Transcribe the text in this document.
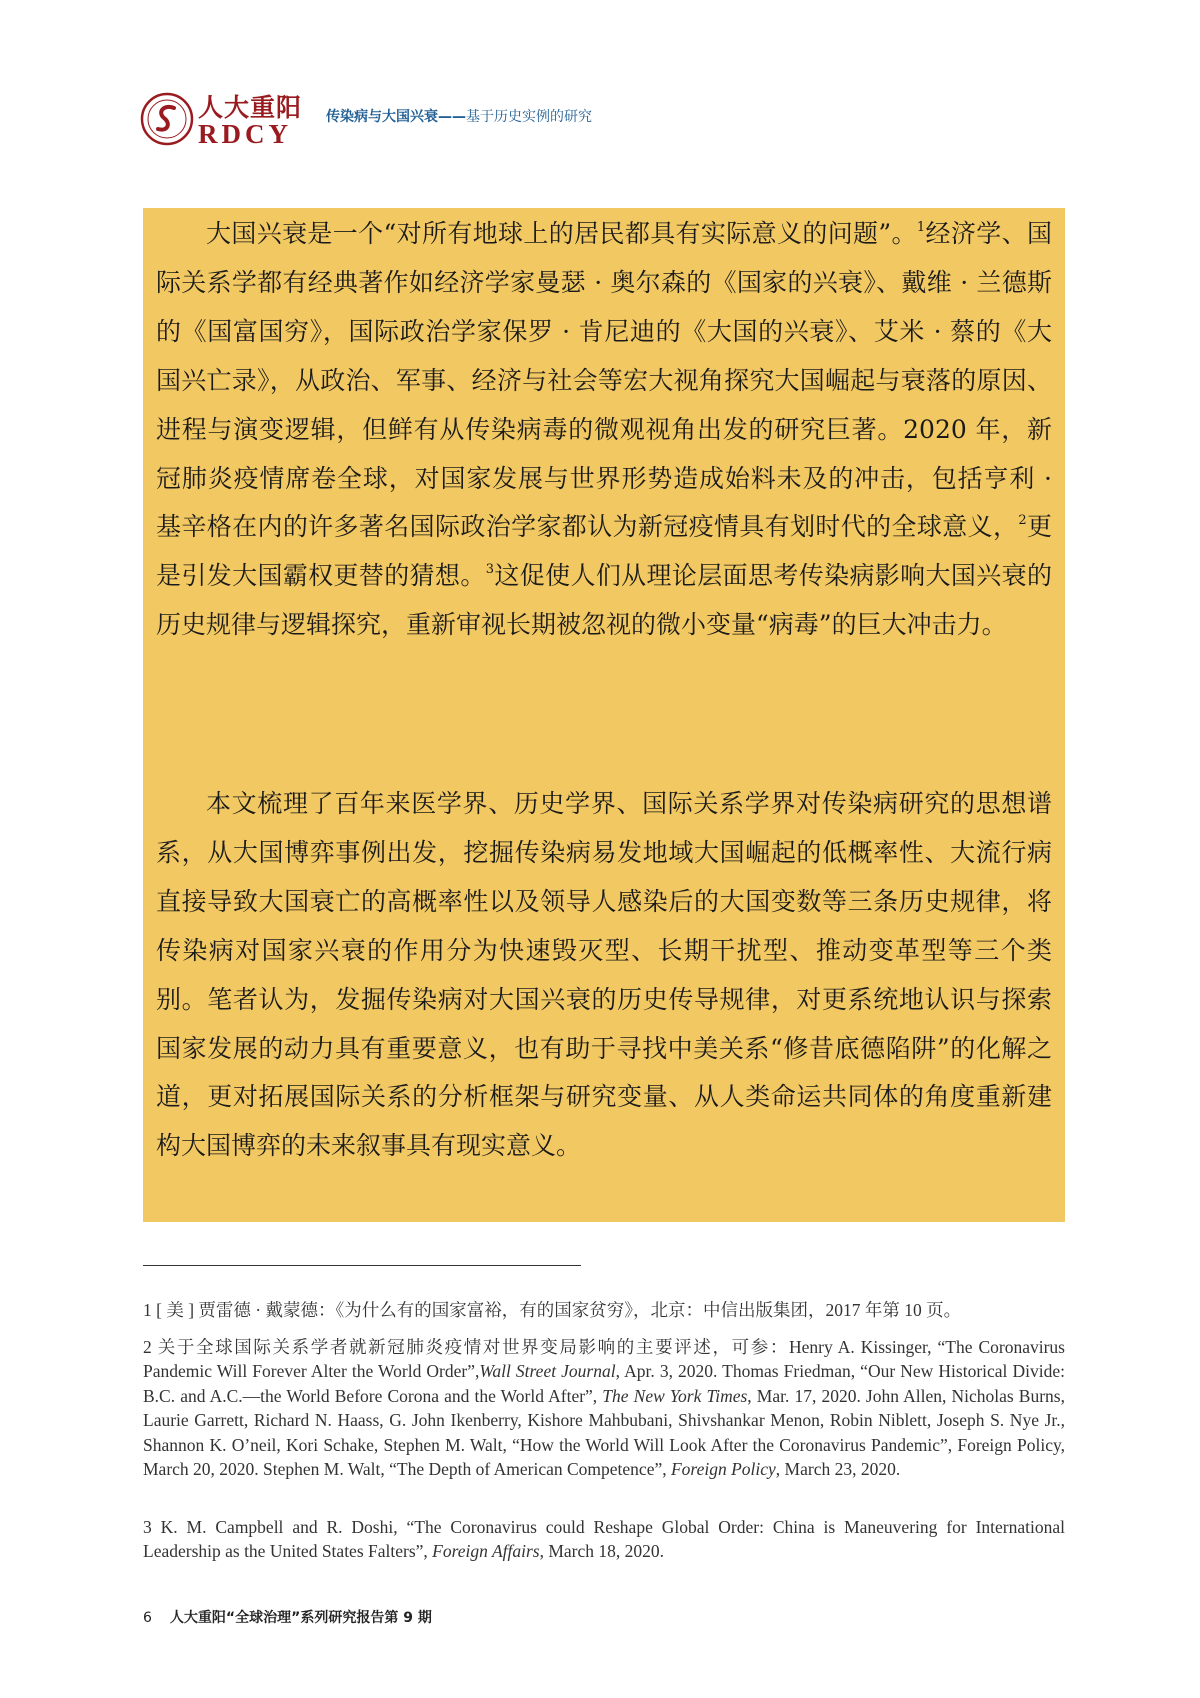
人大重阳
RDCY
传染病与大国兴衰——基于历史实例的研究

大国兴衰是一个“对所有地球上的居民都具有实际意义的问题”。$^1$经济学、国际关系学都有经典著作如经济学家曼瑟 · 奥尔森的《国家的兴衰》、戴维 · 兰德斯的《国富国穷》，国际政治学家保罗 · 肯尼迪的《大国的兴衰》、艾米 · 蔡的《大国兴亡录》，从政治、军事、经济与社会等宏大视角探究大国崛起与衰落的原因、进程与演变逻辑，但鲜有从传染病毒的微观视角出发的研究巨著。2020 年，新冠肺炎疫情席卷全球，对国家发展与世界形势造成始料未及的冲击，包括亨利 · 基辛格在内的许多著名国际政治学家都认为新冠疫情具有划时代的全球意义，$^2$更是引发大国霸权更替的猜想。$^3$这促使人们从理论层面思考传染病影响大国兴衰的历史规律与逻辑探究，重新审视长期被忽视的微小变量“病毒”的巨大冲击力。

本文梳理了百年来医学界、历史学界、国际关系学界对传染病研究的思想谱系，从大国博弈事例出发，挖掘传染病易发地域大国崛起的低概率性、大流行病直接导致大国衰亡的高概率性以及领导人感染后的大国变数等三条历史规律，将传染病对国家兴衰的作用分为快速毁灭型、长期干扰型、推动变革型等三个类别。笔者认为，发掘传染病对大国兴衰的历史传导规律，对更系统地认识与探索国家发展的动力具有重要意义，也有助于寻找中美关系“修昔底德陷阱”的化解之道，更对拓展国际关系的分析框架与研究变量、从人类命运共同体的角度重新建构大国博弈的未来叙事具有现实意义。

1 [ 美 ] 贾雷德 · 戴蒙德：《为什么有的国家富裕，有的国家贫穷》，北京：中信出版集团，2017 年第 10 页。

2 关于全球国际关系学者就新冠肺炎疫情对世界变局影响的主要评述，可参：Henry A. Kissinger, “The Coronavirus Pandemic Will Forever Alter the World Order”,Wall Street Journal, Apr. 3, 2020. Thomas Friedman, “Our New Historical Divide: B.C. and A.C.—the World Before Corona and the World After”, The New York Times, Mar. 17, 2020. John Allen, Nicholas Burns, Laurie Garrett, Richard N. Haass, G. John Ikenberry, Kishore Mahbubani, Shivshankar Menon, Robin Niblett, Joseph S. Nye Jr., Shannon K. O’neil, Kori Schake, Stephen M. Walt, “How the World Will Look After the Coronavirus Pandemic”, Foreign Policy, March 20, 2020. Stephen M. Walt, “The Depth of American Competence”, Foreign Policy, March 23, 2020.

3 K. M. Campbell and R. Doshi, “The Coronavirus could Reshape Global Order: China is Maneuvering for International Leadership as the United States Falters”, Foreign Affairs, March 18, 2020.

6 人大重阳“全球治理”系列研究报告第 9 期
